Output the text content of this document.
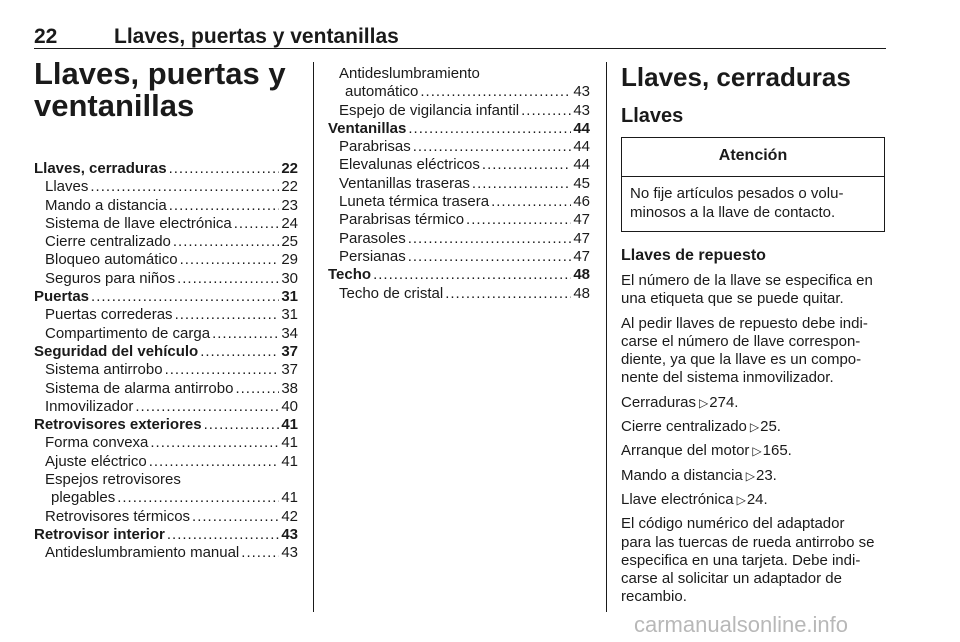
22	Llaves, puertas y ventanillas
Llaves, puertas y
ventanillas
Llaves, cerraduras .....	22
Llaves .....	22
Mando a distancia .....	23
Sistema de llave electrónica .....	24
Cierre centralizado .....	25
Bloqueo automático .....	29
Seguros para niños .....	30
Puertas .....	31
Puertas correderas .....	31
Compartimento de carga .....	34
Seguridad del vehículo .....	37
Sistema antirrobo .....	37
Sistema de alarma antirrobo .....	38
Inmovilizador .....	40
Retrovisores exteriores .....	41
Forma convexa .....	41
Ajuste eléctrico .....	41
Espejos retrovisores
plegables .....	41
Retrovisores térmicos .....	42
Retrovisor interior .....	43
Antideslumbramiento manual .....	43
Antideslumbramiento
automático .....	43
Espejo de vigilancia infantil .....	43
Ventanillas .....	44
Parabrisas .....	44
Elevalunas eléctricos .....	44
Ventanillas traseras .....	45
Luneta térmica trasera .....	46
Parabrisas térmico .....	47
Parasoles .....	47
Persianas .....	47
Techo .....	48
Techo de cristal .....	48
Llaves, cerraduras
Llaves
Atención
No fije artículos pesados o volu-
minosos a la llave de contacto.
Llaves de repuesto
El número de la llave se especifica en
una etiqueta que se puede quitar.
Al pedir llaves de repuesto debe indi-
carse el número de llave correspon-
diente, ya que la llave es un compo-
nente del sistema inmovilizador.
Cerraduras ▷274.
Cierre centralizado ▷25.
Arranque del motor ▷165.
Mando a distancia ▷23.
Llave electrónica ▷24.
El código numérico del adaptador
para las tuercas de rueda antirrobo se
especifica en una tarjeta. Debe indi-
carse al solicitar un adaptador de
recambio.
carmanualsonline.info
